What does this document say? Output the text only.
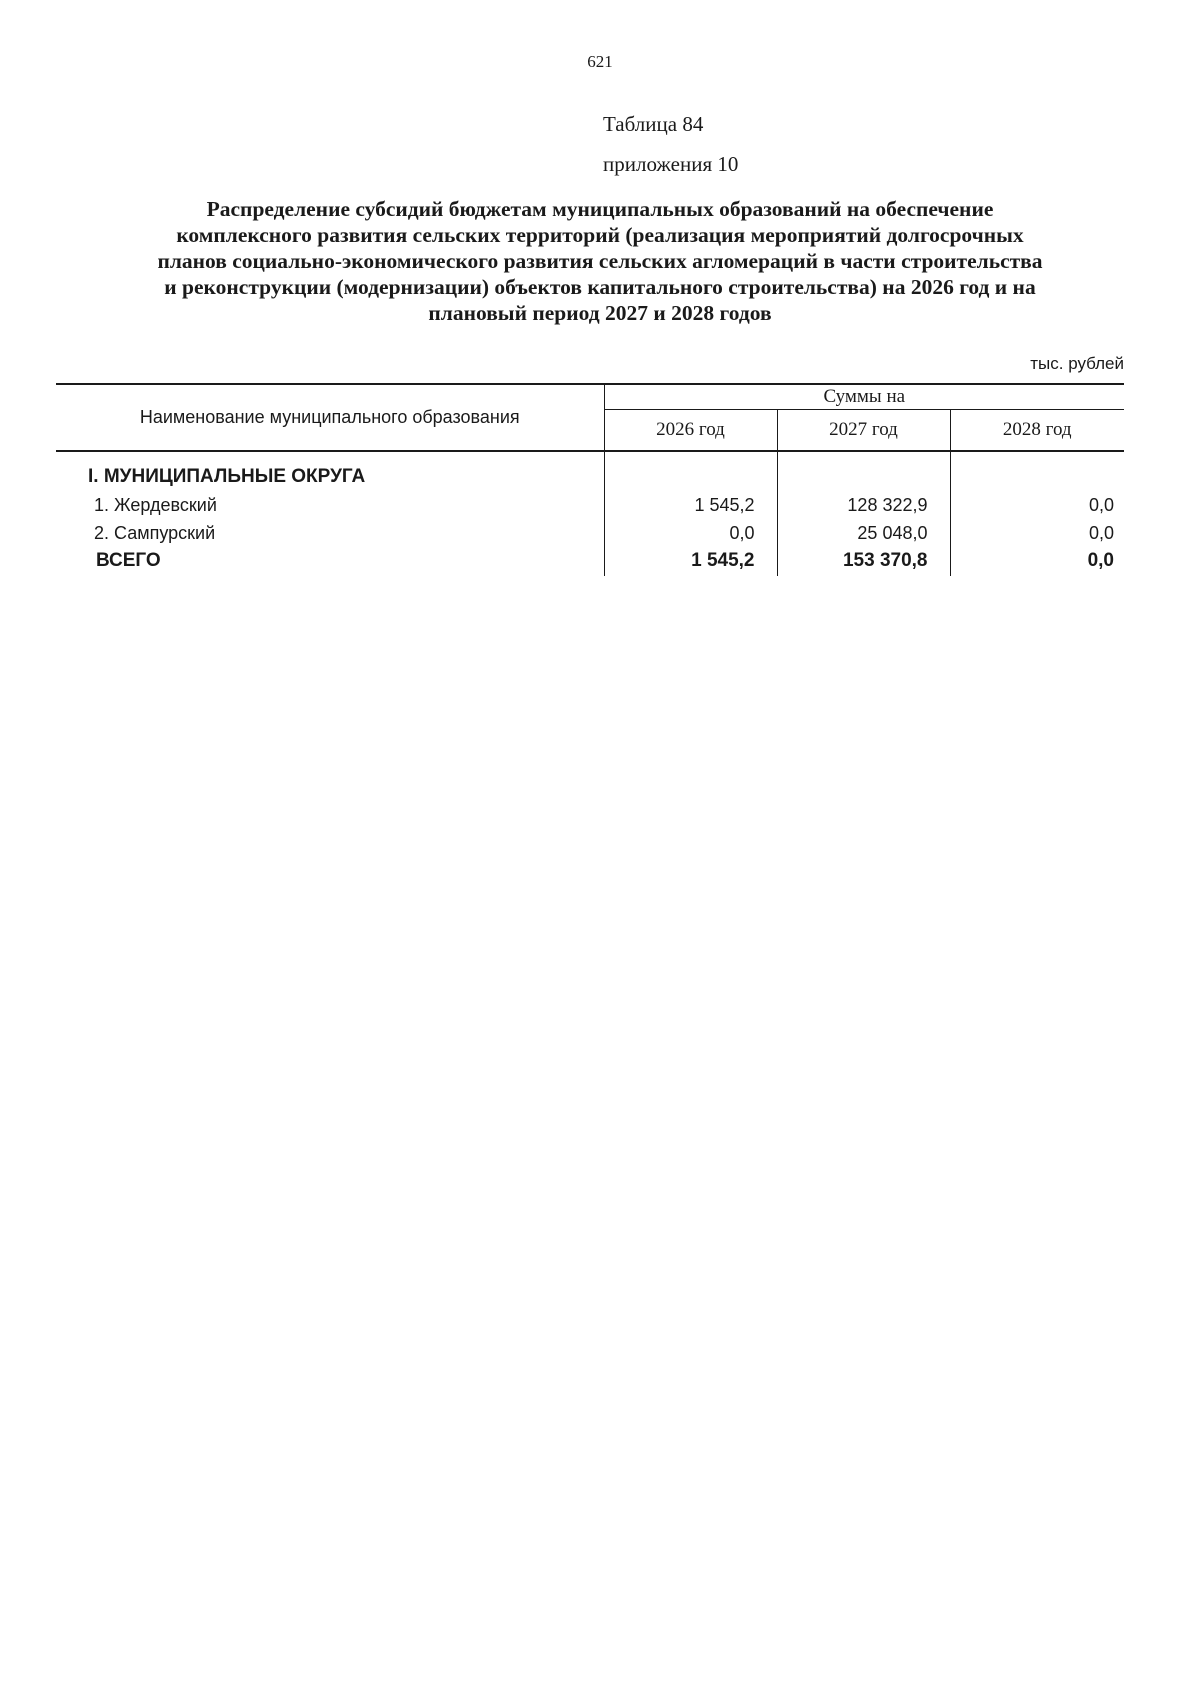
621
Таблица 84
приложения 10
Распределение субсидий бюджетам муниципальных образований на обеспечение
комплексного развития сельских территорий (реализация мероприятий долгосрочных
планов социально-экономического развития сельских агломераций в части строительства
и реконструкции (модернизации) объектов капитального строительства) на 2026 год и на
плановый период 2027 и 2028 годов
тыс. рублей
Наименование муниципального образования	Суммы на		
	2026 год	2027 год	2028 год
I. МУНИЦИПАЛЬНЫЕ ОКРУГА			
1. Жердевский	1 545,2	128 322,9	0,0
2. Сампурский	0,0	25 048,0	0,0
ВСЕГО	1 545,2	153 370,8	0,0
